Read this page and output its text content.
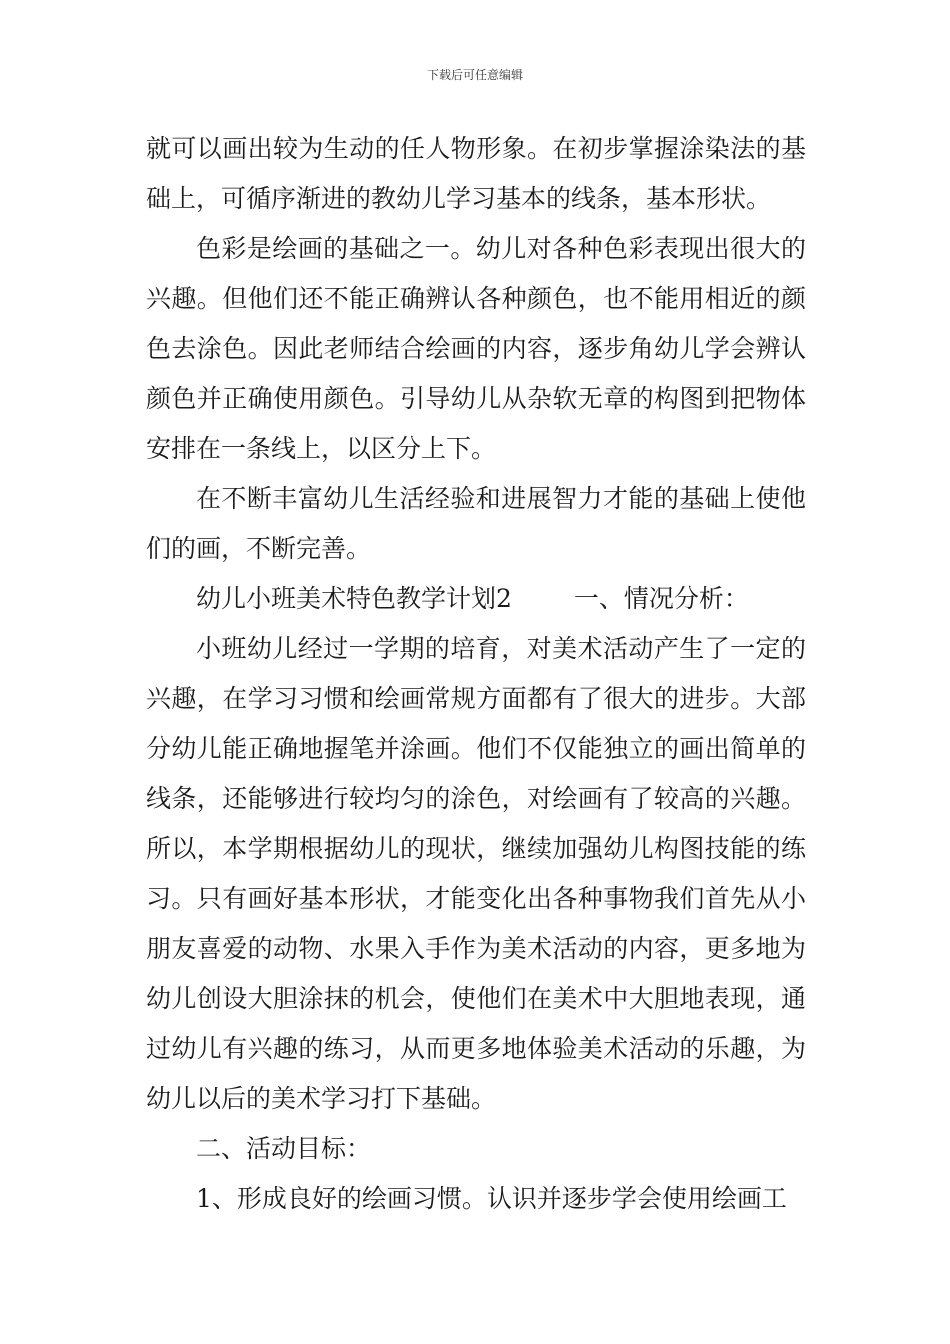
下载后可任意编辑

就可以画出较为生动的任人物形象。在初步掌握涂染法的基础上，可循序渐进的教幼儿学习基本的线条，基本形状。

色彩是绘画的基础之一。幼儿对各种色彩表现出很大的兴趣。但他们还不能正确辨认各种颜色，也不能用相近的颜色去涂色。因此老师结合绘画的内容，逐步角幼儿学会辨认颜色并正确使用颜色。引导幼儿从杂软无章的构图到把物体安排在一条线上，以区分上下。

在不断丰富幼儿生活经验和进展智力才能的基础上使他们的画，不断完善。

幼儿小班美术特色教学计划2 一、情况分析：

小班幼儿经过一学期的培育，对美术活动产生了一定的兴趣，在学习习惯和绘画常规方面都有了很大的进步。大部分幼儿能正确地握笔并涂画。他们不仅能独立的画出简单的线条，还能够进行较均匀的涂色，对绘画有了较高的兴趣。所以，本学期根据幼儿的现状，继续加强幼儿构图技能的练习。只有画好基本形状，才能变化出各种事物我们首先从小朋友喜爱的动物、水果入手作为美术活动的内容，更多地为幼儿创设大胆涂抹的机会，使他们在美术中大胆地表现，通过幼儿有兴趣的练习，从而更多地体验美术活动的乐趣，为幼儿以后的美术学习打下基础。

二、活动目标：

1、形成良好的绘画习惯。认识并逐步学会使用绘画工
